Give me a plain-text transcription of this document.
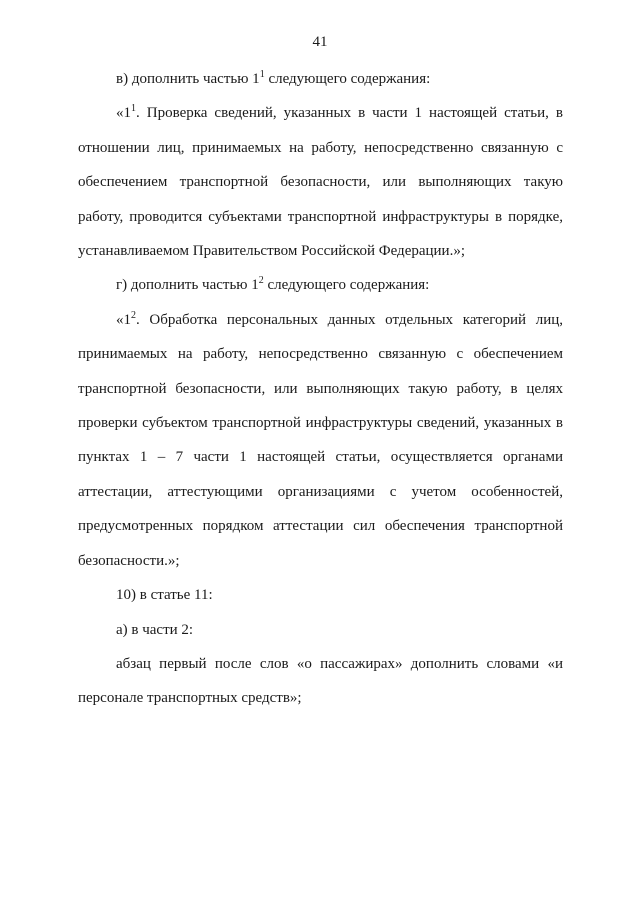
41

в) дополнить частью $1^1$ следующего содержания:

«$1^1$. Проверка сведений, указанных в части 1 настоящей статьи, в отношении лиц, принимаемых на работу, непосредственно связанную с обеспечением транспортной безопасности, или выполняющих такую работу, проводится субъектами транспортной инфраструктуры в порядке, устанавливаемом Правительством Российской Федерации.»;

г) дополнить частью $1^2$ следующего содержания:

«$1^2$. Обработка персональных данных отдельных категорий лиц, принимаемых на работу, непосредственно связанную с обеспечением транспортной безопасности, или выполняющих такую работу, в целях проверки субъектом транспортной инфраструктуры сведений, указанных в пунктах 1 – 7 части 1 настоящей статьи, осуществляется органами аттестации, аттестующими организациями с учетом особенностей, предусмотренных порядком аттестации сил обеспечения транспортной безопасности.»;

10) в статье 11:

а) в части 2:

абзац первый после слов «о пассажирах» дополнить словами «и персонале транспортных средств»;
